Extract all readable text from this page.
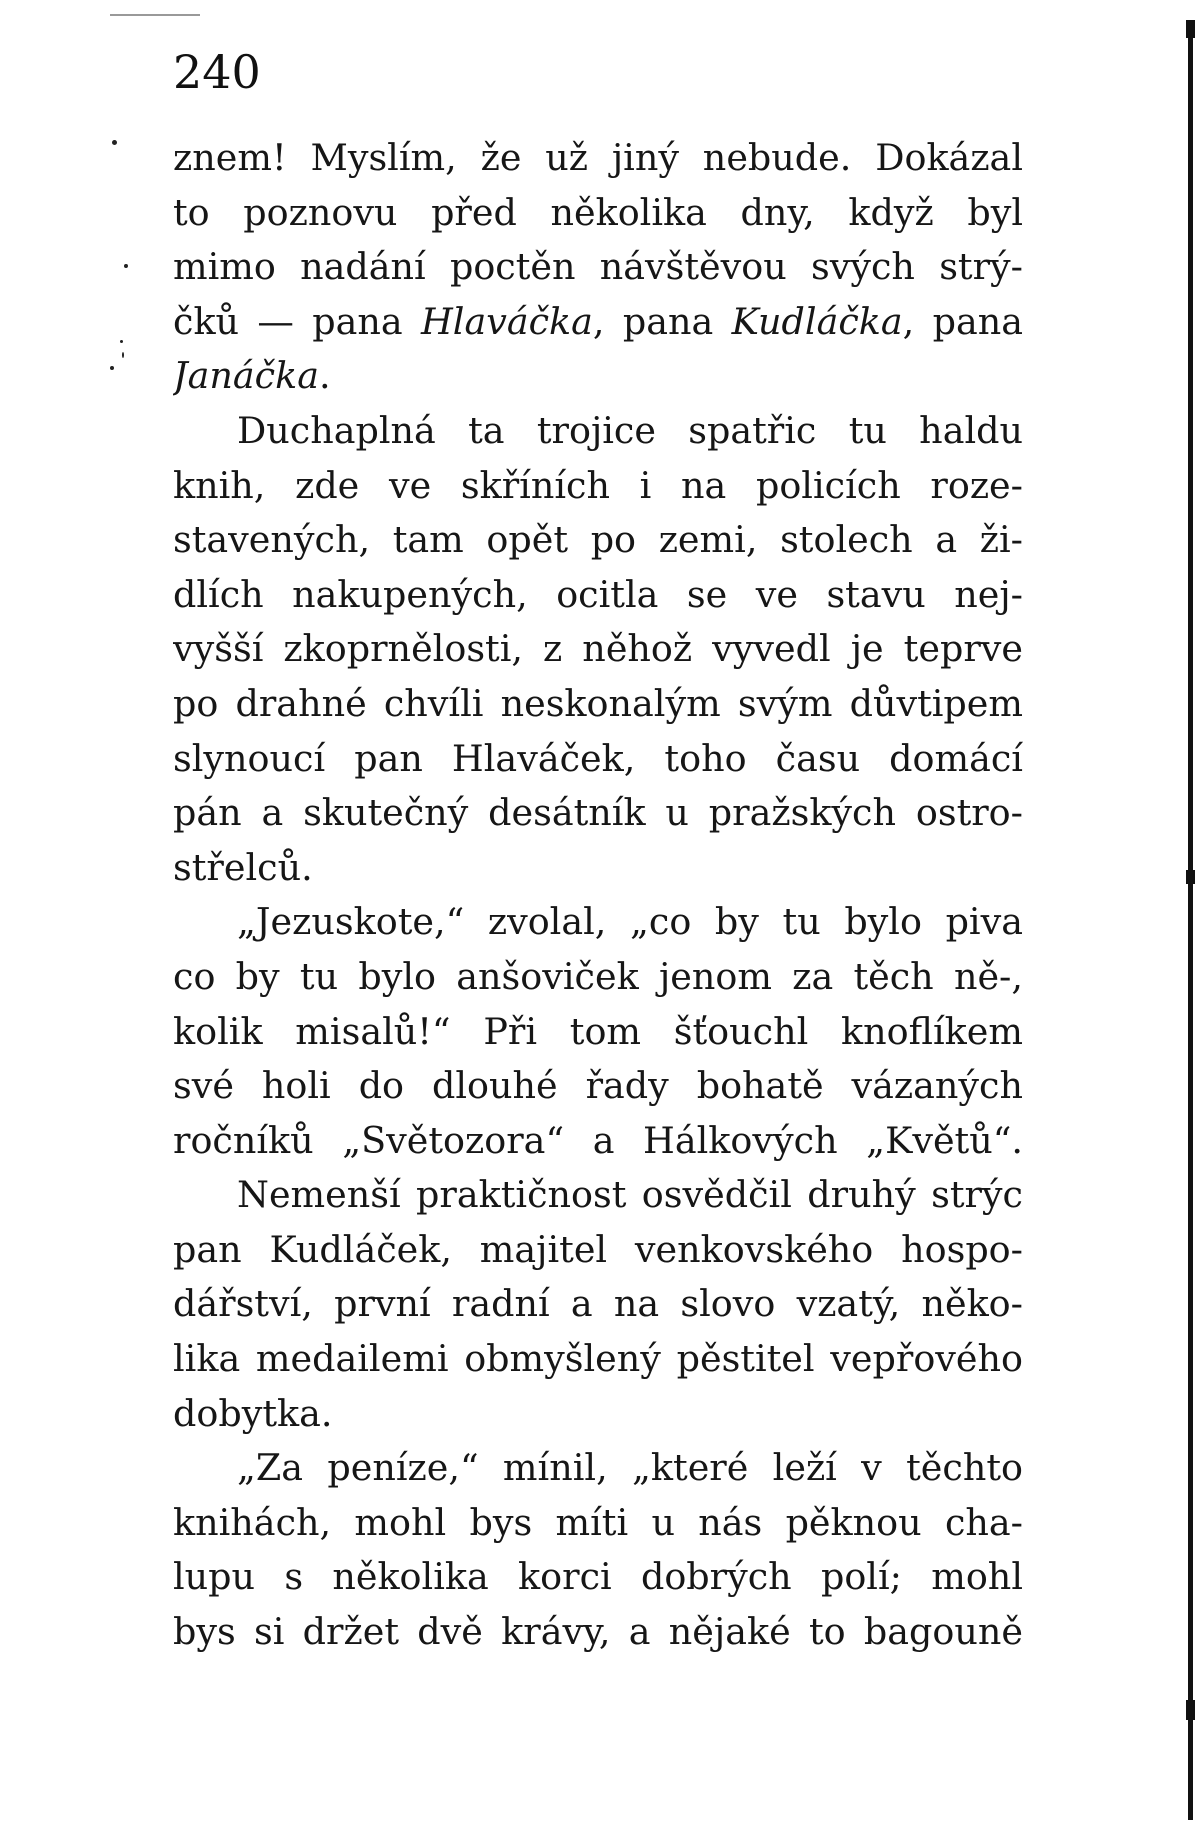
240
znem! Myslím, že už jiný nebude. Dokázal
to poznovu před několika dny, když byl
mimo nadání poctěn návštěvou svých strý-
čků — pana Hlaváčka, pana Kudláčka, pana
Janáčka.
Duchaplná ta trojice spatřic tu haldu
knih, zde ve skříních i na policích roze-
stavených, tam opět po zemi, stolech a ži-
dlích nakupených, ocitla se ve stavu nej-
vyšší zkoprnělosti, z něhož vyvedl je teprve
po drahné chvíli neskonalým svým důvtipem
slynoucí pan Hlaváček, toho času domácí
pán a skutečný desátník u pražských ostro-
střelců.
„Jezuskote,“ zvolal, „co by tu bylo piva
co by tu bylo anšoviček jenom za těch ně-,
kolik misalů!“ Při tom šťouchl knoflíkem
své holi do dlouhé řady bohatě vázaných
ročníků „Světozora“ a Hálkových „Květů“.
Nemenší praktičnost osvědčil druhý strýc
pan Kudláček, majitel venkovského hospo-
dářství, první radní a na slovo vzatý, něko-
lika medailemi obmyšlený pěstitel vepřového
dobytka.
„Za peníze,“ mínil, „které leží v těchto
knihách, mohl bys míti u nás pěknou cha-
lupu s několika korci dobrých polí; mohl
bys si držet dvě krávy, a nějaké to bagouně
